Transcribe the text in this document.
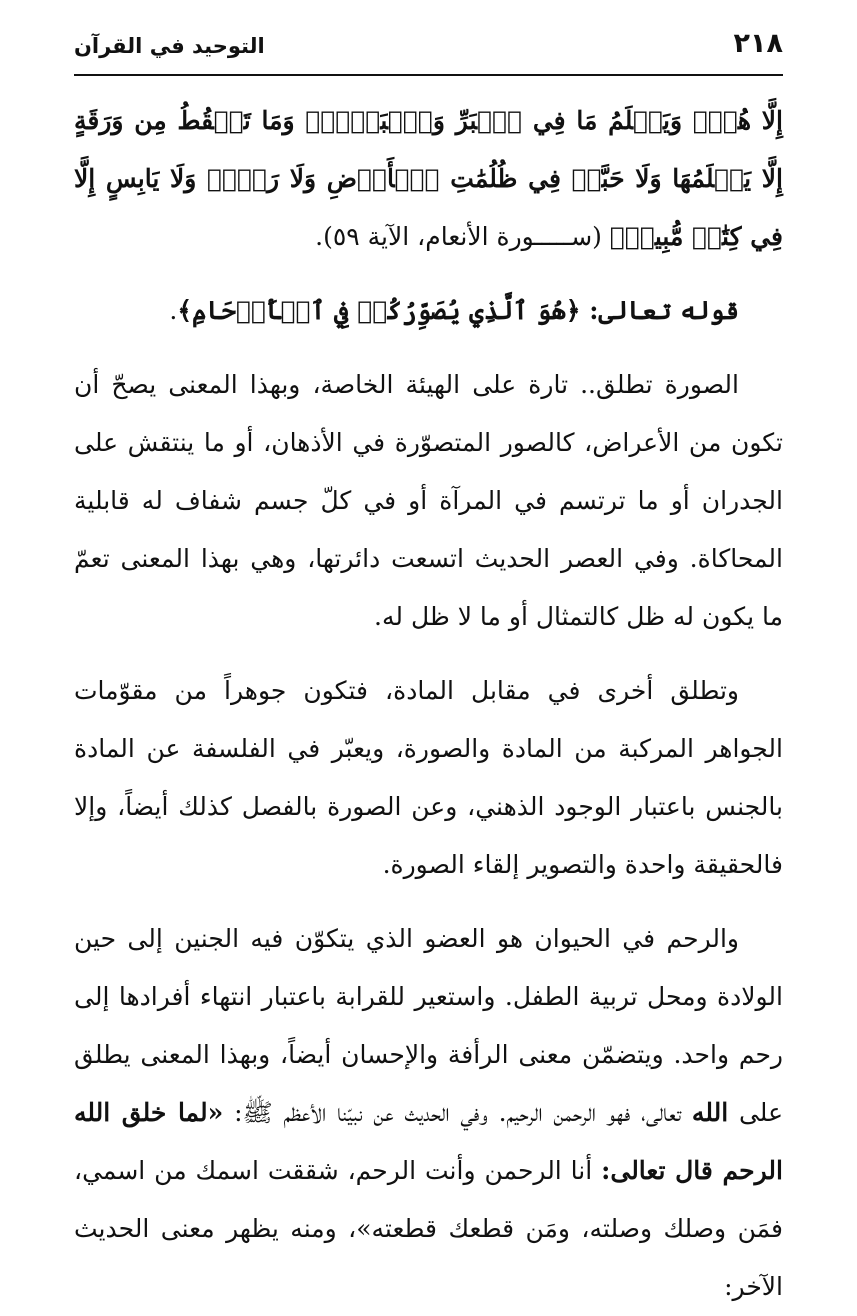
٢١٨
التوحيد في القرآن

إِلَّا هُوَۚ وَيَعۡلَمُ مَا فِي ٱلۡبَرِّ وَٱلۡبَحۡرِۚ وَمَا تَسۡقُطُ مِن وَرَقَةٍ إِلَّا يَعۡلَمُهَا وَلَا حَبَّةٖ فِي ظُلُمَٰتِ ٱلۡأَرۡضِ وَلَا رَطۡبٖ وَلَا يَابِسٍ إِلَّا فِي كِتَٰبٖ مُّبِينٖ﴾ (ســـــورة الأنعام، الآية ٥٩).

قوله تعالى: ﴿هُوَ ٱلَّذِي يُصَوِّرُكُمۡ فِي ٱلۡأَرۡحَامِ﴾.

الصورة تطلق.. تارة على الهيئة الخاصة، وبهذا المعنى يصحّ أن تكون من الأعراض، كالصور المتصوّرة في الأذهان، أو ما ينتقش على الجدران أو ما ترتسم في المرآة أو في كلّ جسم شفاف له قابلية المحاكاة. وفي العصر الحديث اتسعت دائرتها، وهي بهذا المعنى تعمّ ما يكون له ظل كالتمثال أو ما لا ظل له.

وتطلق أخرى في مقابل المادة، فتكون جوهراً من مقوّمات الجواهر المركبة من المادة والصورة، ويعبّر في الفلسفة عن المادة بالجنس باعتبار الوجود الذهني، وعن الصورة بالفصل كذلك أيضاً، وإلا فالحقيقة واحدة والتصوير إلقاء الصورة.

والرحم في الحيوان هو العضو الذي يتكوّن فيه الجنين إلى حين الولادة ومحل تربية الطفل. واستعير للقرابة باعتبار انتهاء أفرادها إلى رحم واحد. ويتضمّن معنى الرأفة والإحسان أيضاً، وبهذا المعنى يطلق على الله تعالى، فهو الرحمن الرحيم. وفي الحديث عن نبيّنا الأعظم ﷺ: «لما خلق الله الرحم قال تعالى: أنا الرحمن وأنت الرحم، شققت اسمك من اسمي، فمَن وصلك وصلته، ومَن قطعك قطعته»، ومنه يظهر معنى الحديث الآخر:
